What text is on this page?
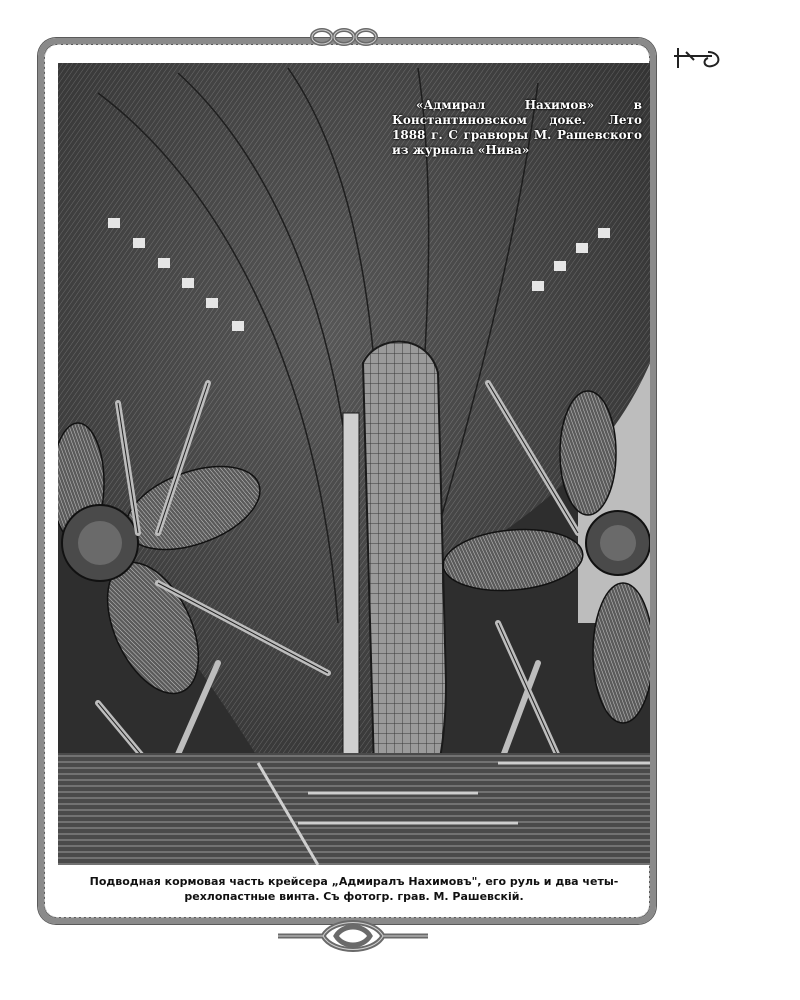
«Адмирал Нахимов» в Константиновском доке. Лето 1888 г. С гравюры М. Рашевского из журнала «Нива»
Подводная кормовая часть крейсера „Адмиралъ Нахимовъ", его руль и два четы-
рехлопастные винта. Съ фотогр. грав. М. Рашевскiй.
